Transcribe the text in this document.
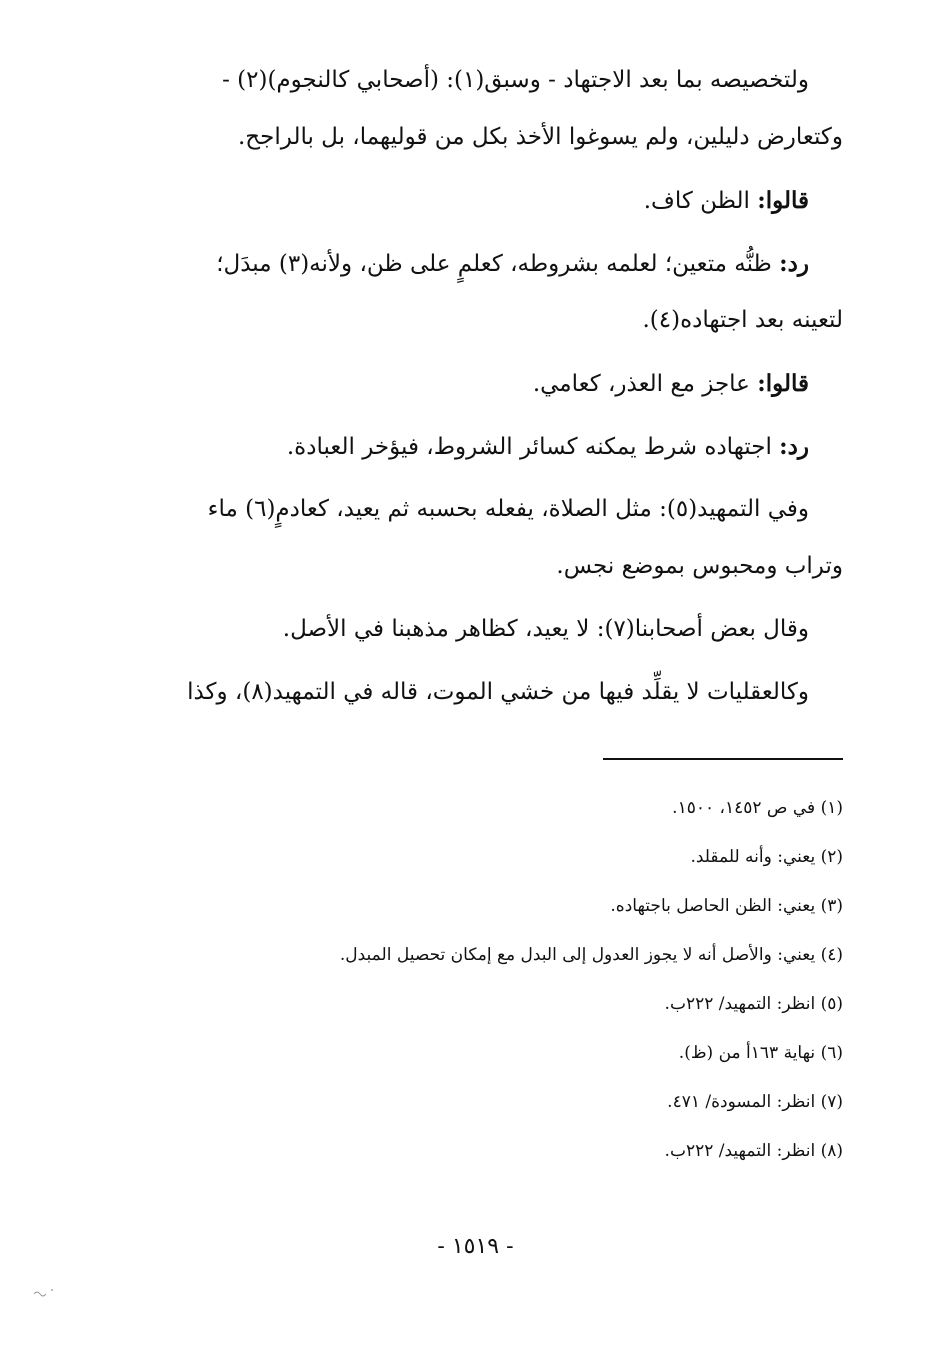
ولتخصيصه بما بعد الاجتهاد - وسبق(١): (أصحابي كالنجوم)(٢) -
وكتعارض دليلين، ولم يسوغوا الأخذ بكل من قوليهما، بل بالراجح.
قالوا: الظن كاف.
رد: ظنُّه متعين؛ لعلمه بشروطه، كعلمٍ على ظن، ولأنه(٣) مبدَل؛
لتعينه بعد اجتهاده(٤).
قالوا: عاجز مع العذر، كعامي.
رد: اجتهاده شرط يمكنه كسائر الشروط، فيؤخر العبادة.
وفي التمهيد(٥): مثل الصلاة، يفعله بحسبه ثم يعيد، كعادمٍ(٦) ماء
وتراب ومحبوس بموضع نجس.
وقال بعض أصحابنا(٧): لا يعيد، كظاهر مذهبنا في الأصل.
وكالعقليات لا يقلِّد فيها من خشي الموت، قاله في التمهيد(٨)، وكذا
(١) في ص ١٤٥٢، ١٥٠٠.
(٢) يعني: وأنه للمقلد.
(٣) يعني: الظن الحاصل باجتهاده.
(٤) يعني: والأصل أنه لا يجوز العدول إلى البدل مع إمكان تحصيل المبدل.
(٥) انظر: التمهيد/ ٢٢٢ب.
(٦) نهاية ١٦٣أ من (ظ).
(٧) انظر: المسودة/ ٤٧١.
(٨) انظر: التمهيد/ ٢٢٢ب.
- ١٥١٩ -
